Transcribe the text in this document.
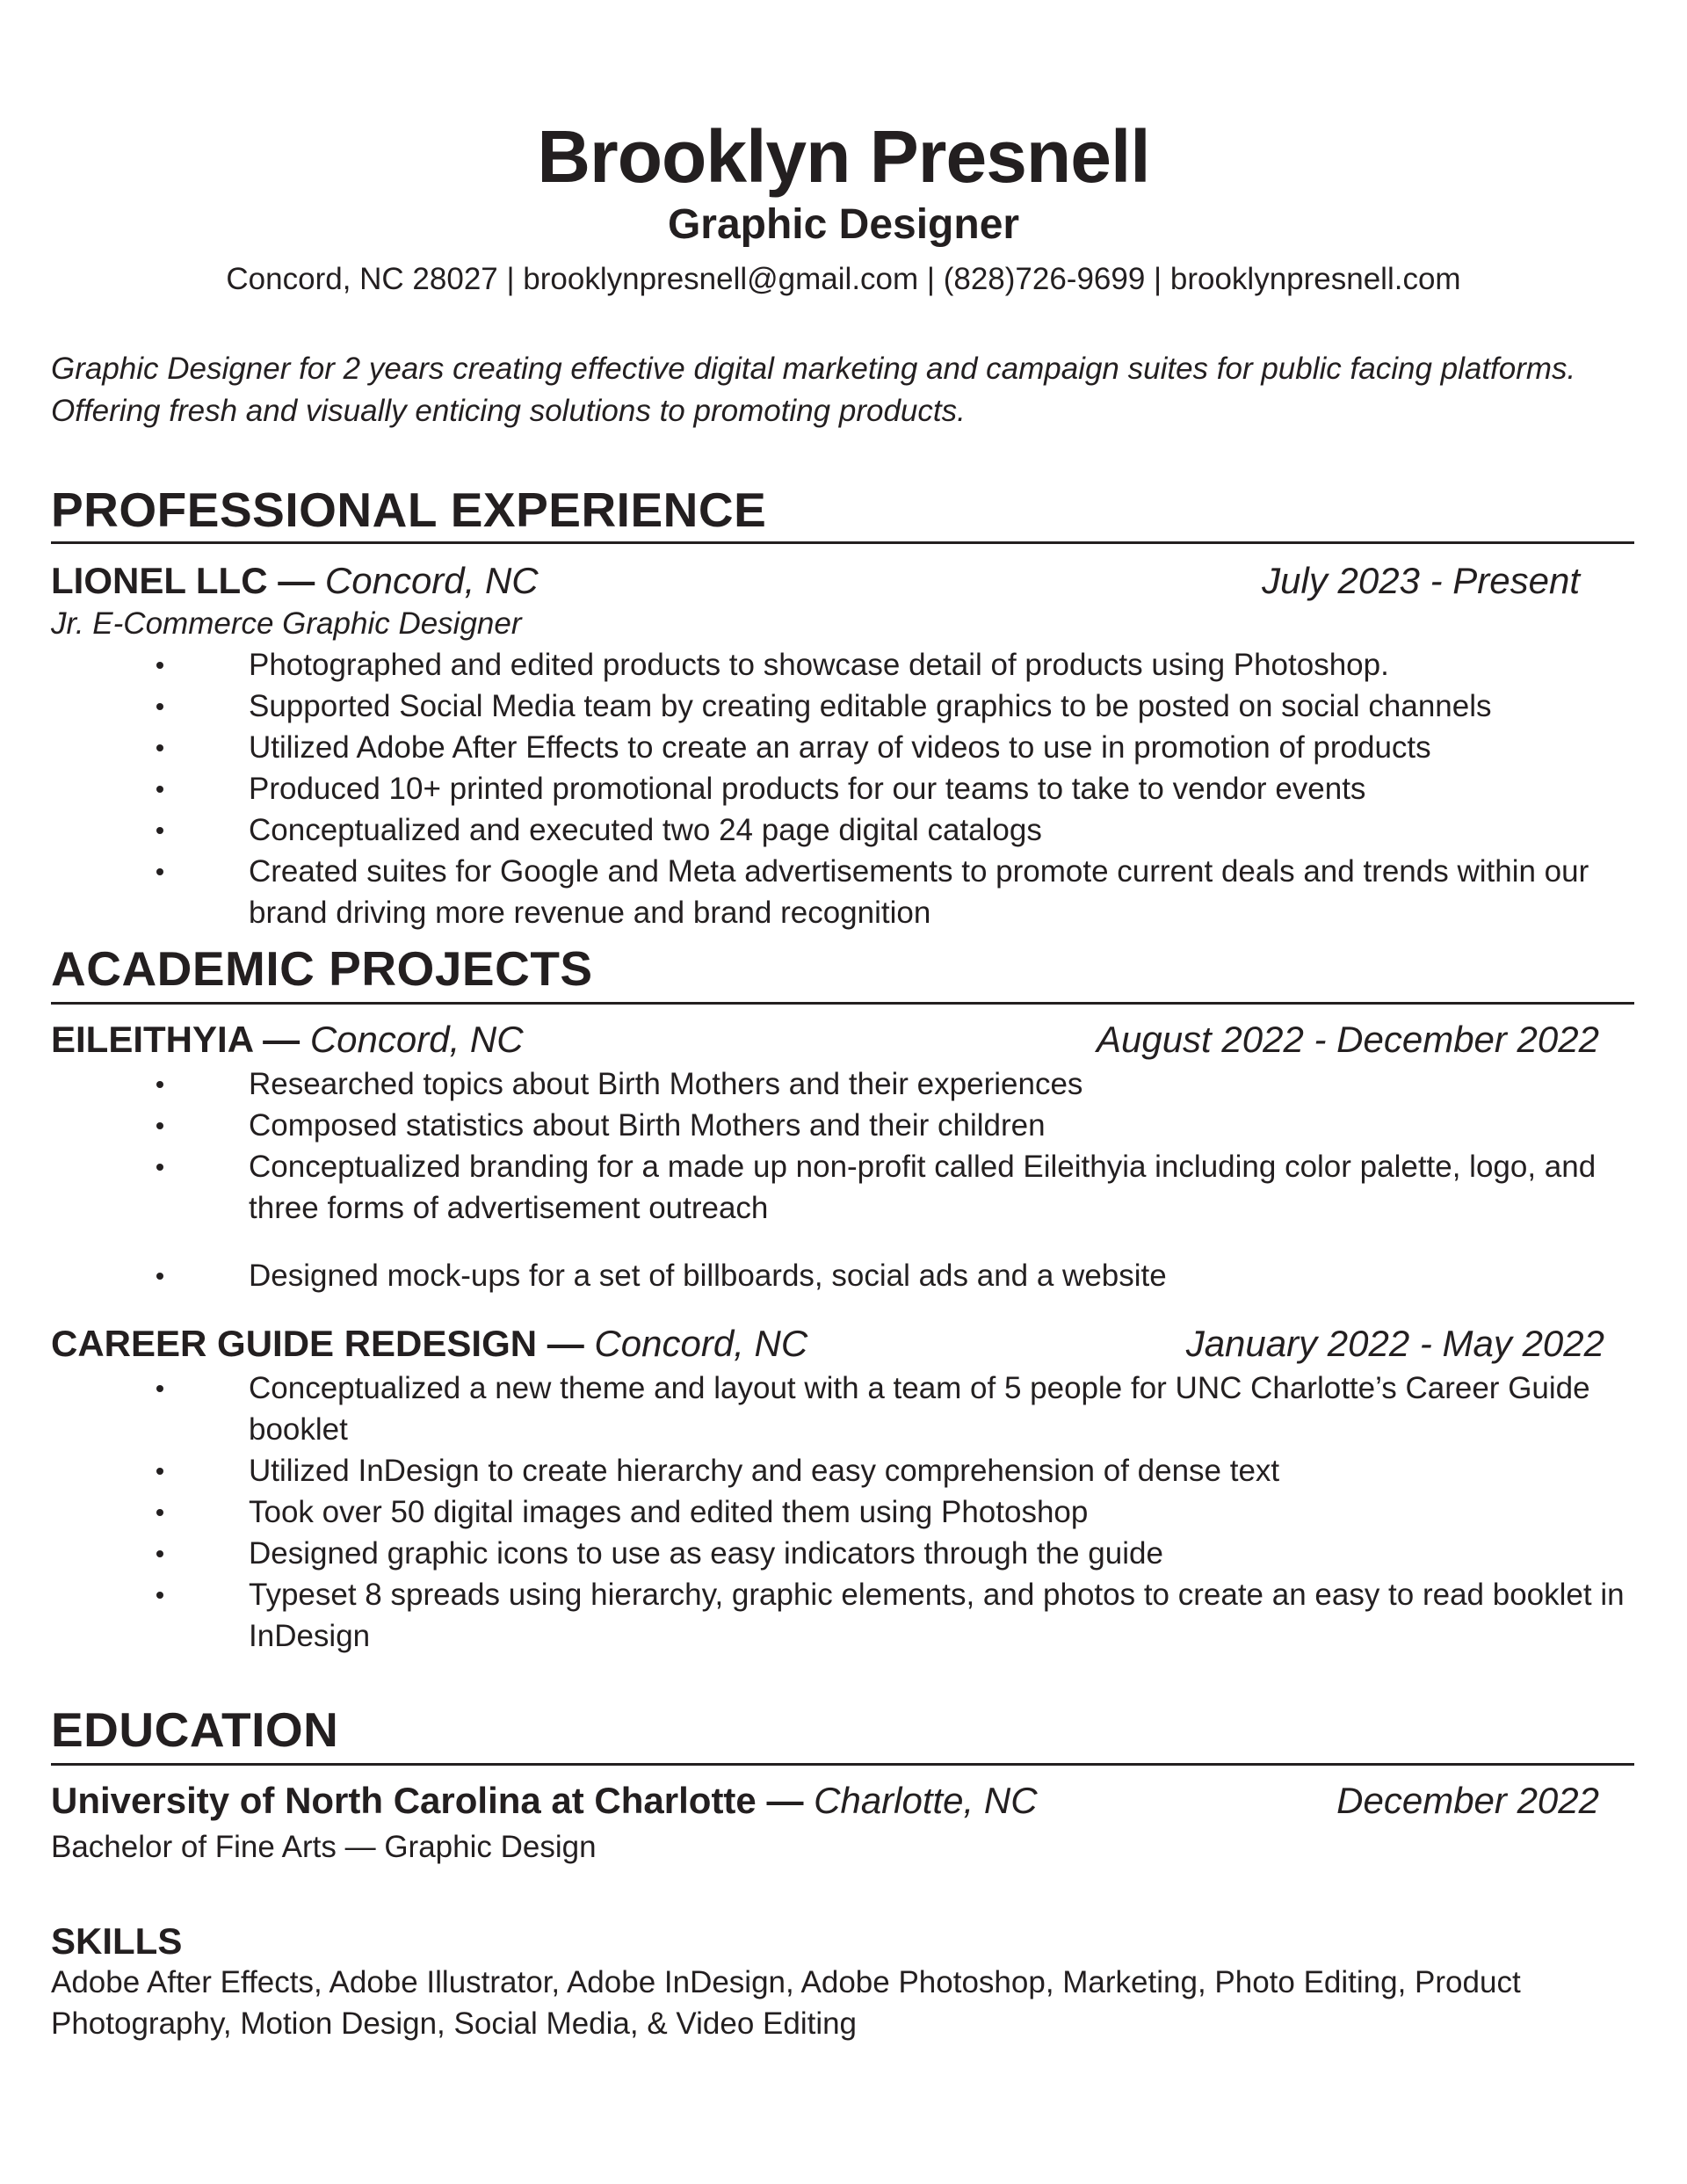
Brooklyn Presnell
Graphic Designer
Concord, NC 28027 | brooklynpresnell@gmail.com | (828)726-9699 | brooklynpresnell.com
Graphic Designer for 2 years creating effective digital marketing and campaign suites for public facing platforms. Offering fresh and visually enticing solutions to promoting products.
PROFESSIONAL EXPERIENCE
LIONEL LLC — Concord, NC	July 2023 - Present
Jr. E-Commerce Graphic Designer
Photographed and edited products to showcase detail of products using Photoshop.
Supported Social Media team by creating editable graphics to be posted on social channels
Utilized Adobe After Effects to create an array of videos to use in promotion of products
Produced 10+ printed promotional products for our teams to take to vendor events
Conceptualized and executed two 24 page digital catalogs
Created suites for Google and Meta advertisements to promote current deals and trends within our brand driving more revenue and brand recognition
ACADEMIC PROJECTS
EILEITHYIA — Concord, NC	August 2022 - December 2022
Researched topics about Birth Mothers and their experiences
Composed statistics about Birth Mothers and their children
Conceptualized branding for a made up non-profit called Eileithyia including color palette, logo, and three forms of advertisement outreach
Designed mock-ups for a set of billboards, social ads and a website
CAREER GUIDE REDESIGN — Concord, NC	January 2022 - May 2022
Conceptualized a new theme and layout with a team of 5 people for UNC Charlotte’s Career Guide booklet
Utilized InDesign to create hierarchy and easy comprehension of dense text
Took over 50 digital images and edited them using Photoshop
Designed graphic icons to use as easy indicators through the guide
Typeset 8 spreads using hierarchy, graphic elements, and photos to create an easy to read booklet in InDesign
EDUCATION
University of North Carolina at Charlotte — Charlotte, NC	December 2022
Bachelor of Fine Arts — Graphic Design
SKILLS
Adobe After Effects, Adobe Illustrator, Adobe InDesign, Adobe Photoshop, Marketing, Photo Editing, Product Photography, Motion Design, Social Media, & Video Editing
